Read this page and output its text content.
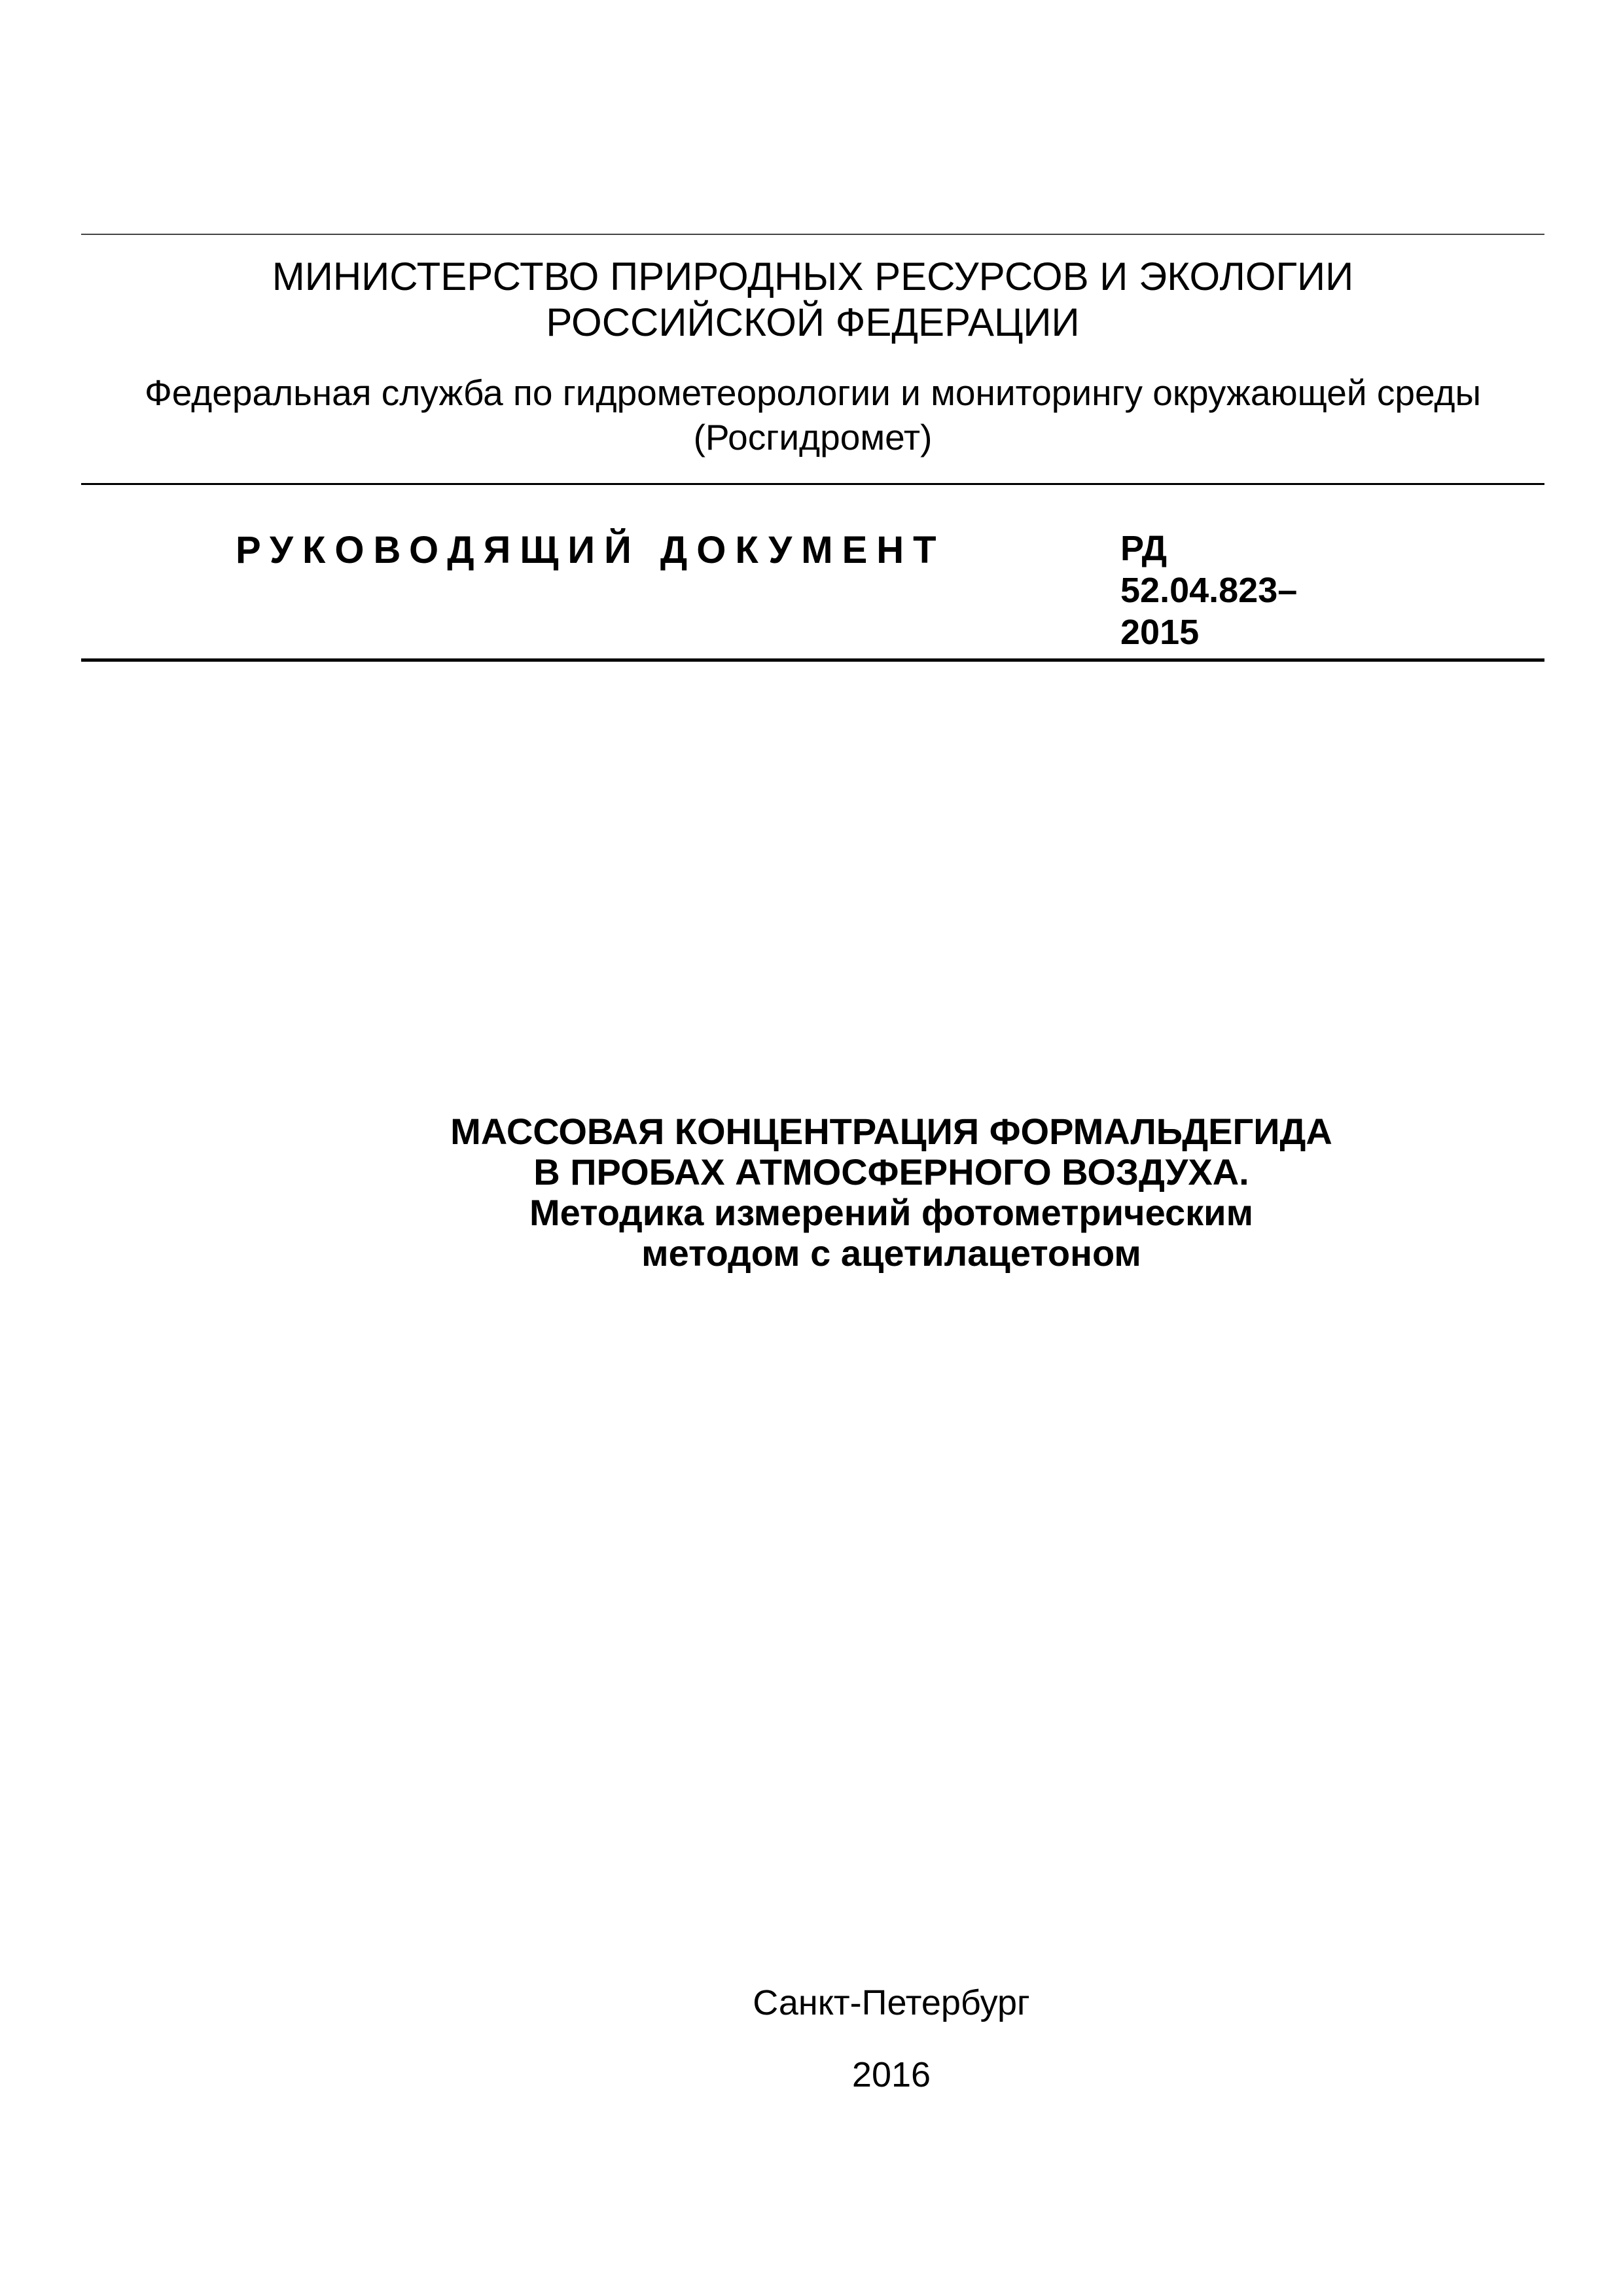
МИНИСТЕРСТВО ПРИРОДНЫХ РЕСУРСОВ И ЭКОЛОГИИ
РОССИЙСКОЙ ФЕДЕРАЦИИ
Федеральная служба по гидрометеорологии и мониторингу окружающей среды
(Росгидромет)
РУКОВОДЯЩИЙ ДОКУМЕНТ	РД
52.04.823–
2015
МАССОВАЯ КОНЦЕНТРАЦИЯ ФОРМАЛЬДЕГИДА
В ПРОБАХ АТМОСФЕРНОГО ВОЗДУХА.
Методика измерений фотометрическим
методом с ацетилацетоном
Санкт-Петербург
2016
